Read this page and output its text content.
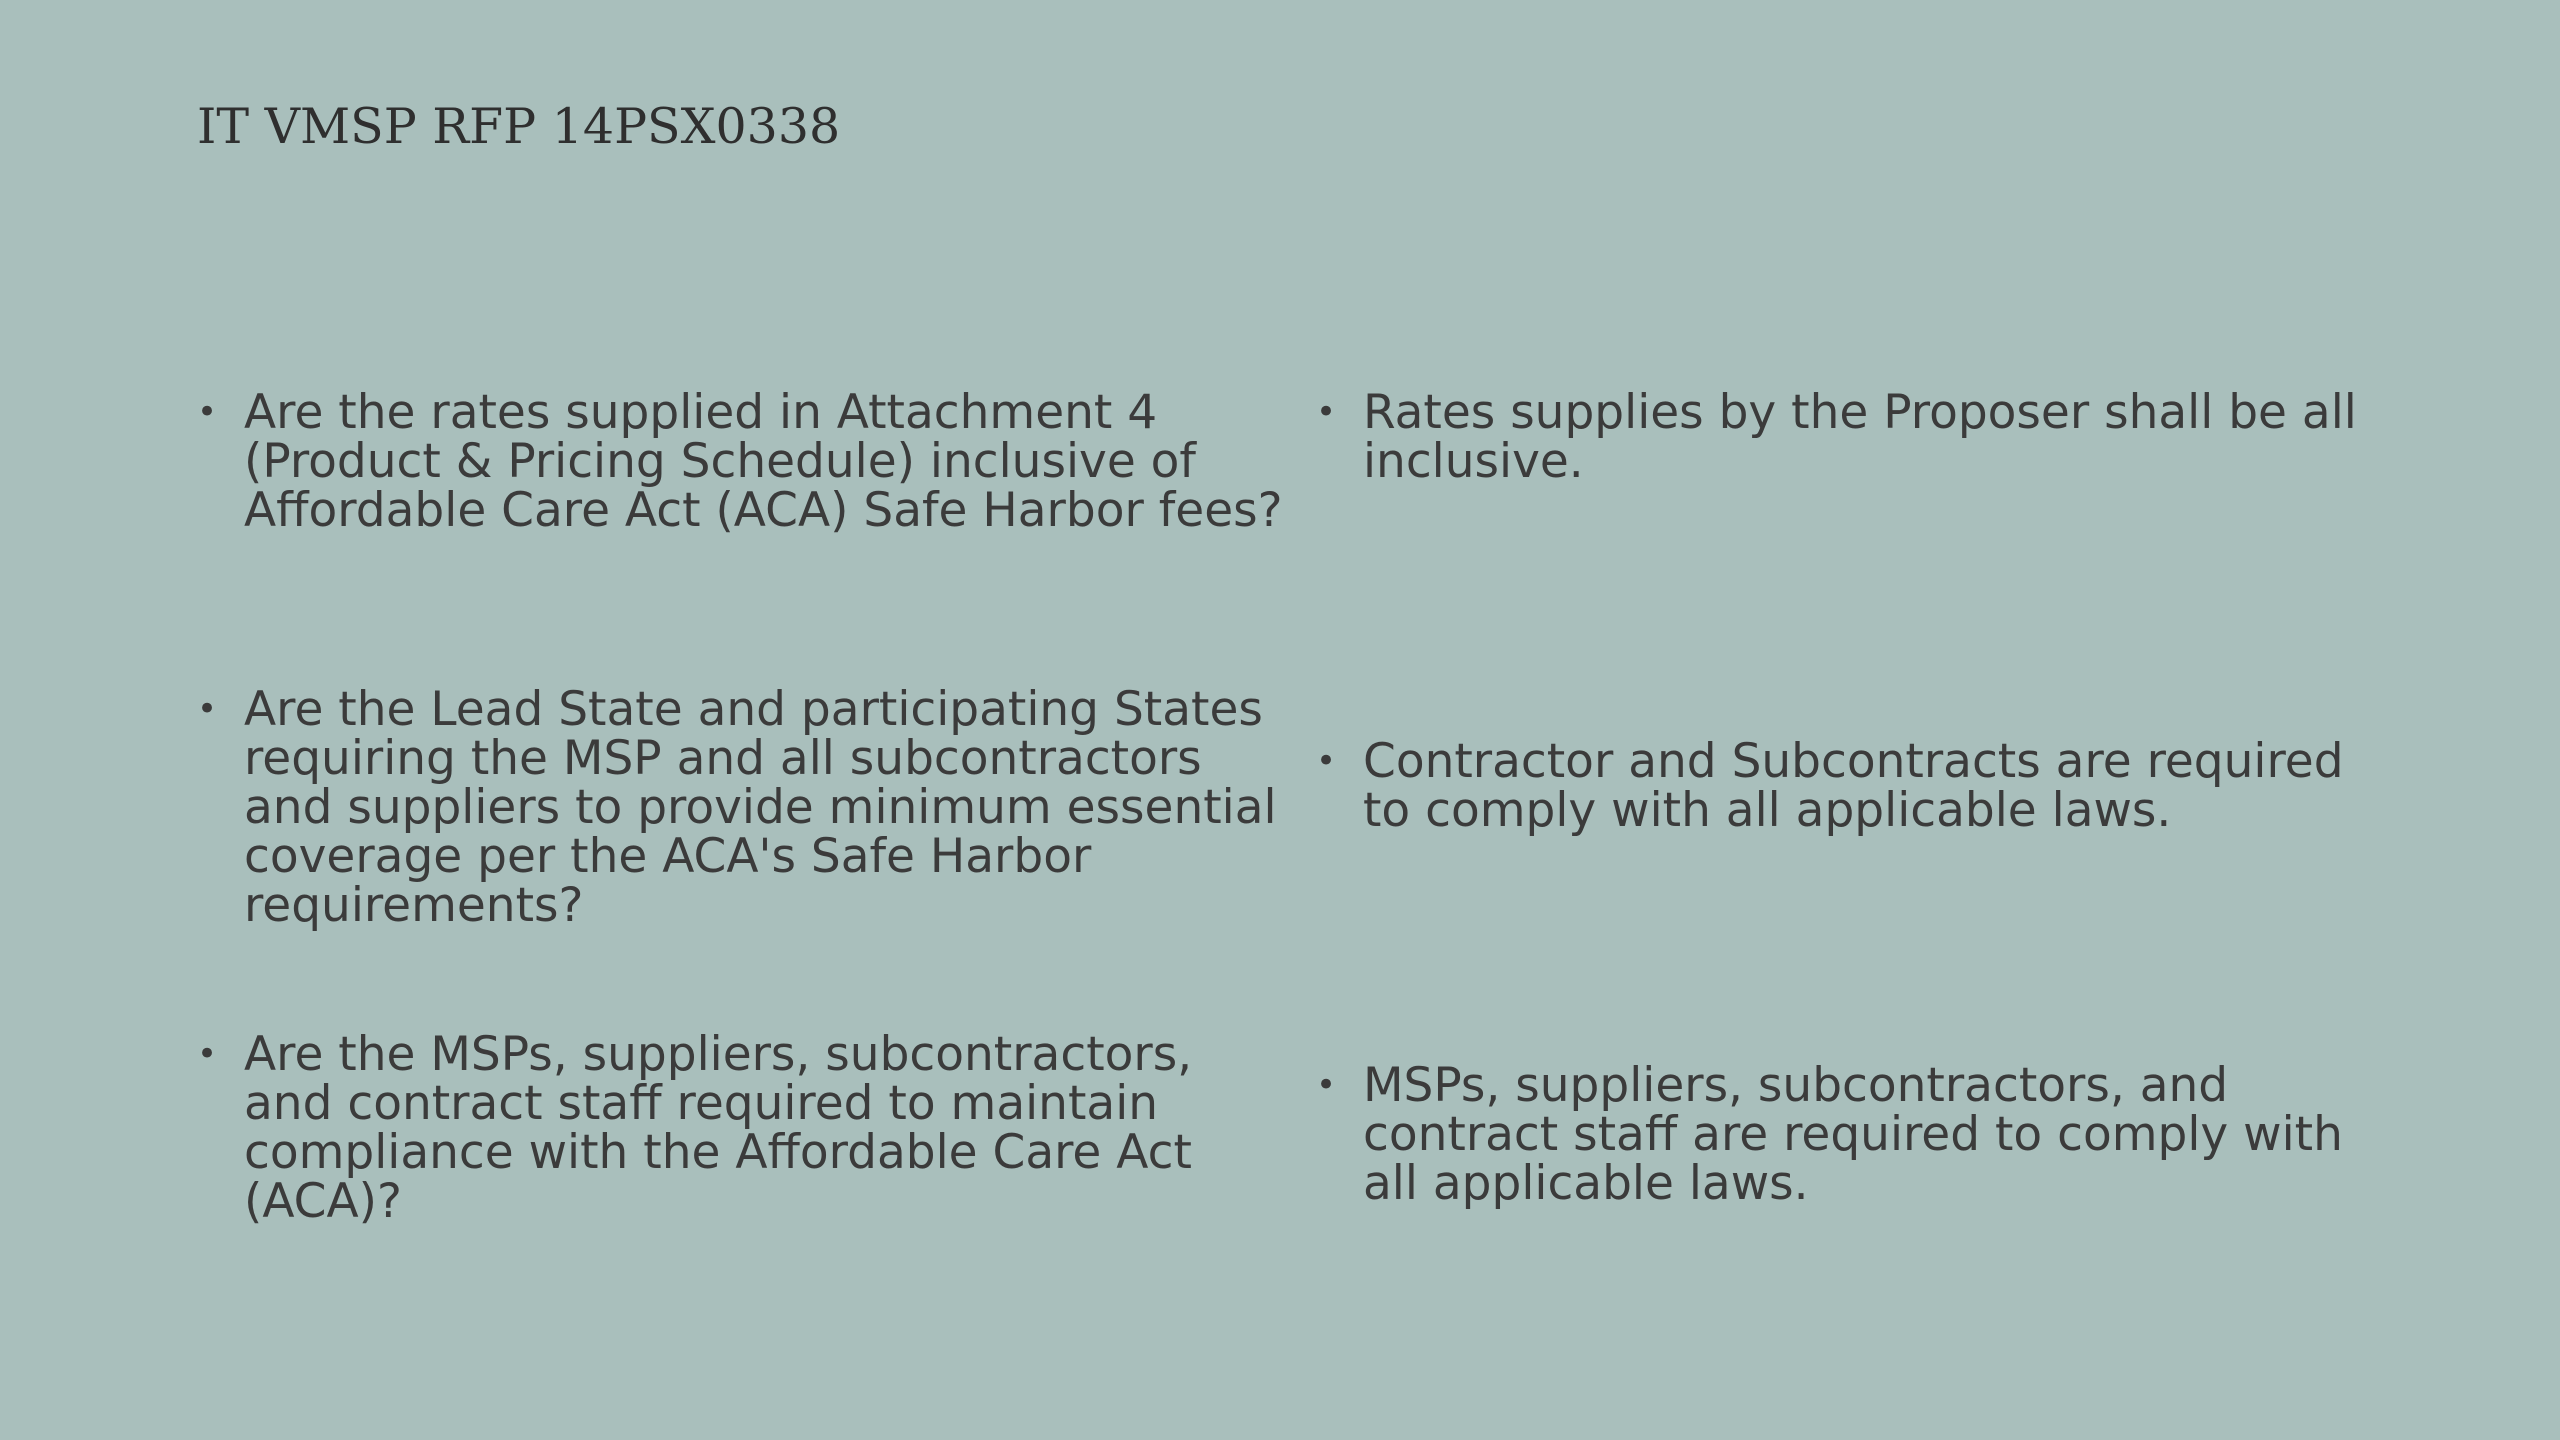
IT VMSP RFP 14PSX0338
• Are the rates supplied in Attachment 4 (Product & Pricing Schedule) inclusive of Affordable Care Act (ACA) Safe Harbor fees?

• Are the Lead State and participating States requiring the MSP and all subcontractors and suppliers to provide minimum essential coverage per the ACA's Safe Harbor requirements?

• Are the MSPs, suppliers, subcontractors, and contract staff required to maintain compliance with the Affordable Care Act (ACA)?

• Rates supplies by the Proposer shall be all inclusive.

• Contractor and Subcontracts are required to comply with all applicable laws.

• MSPs, suppliers, subcontractors, and contract staff are required to comply with all applicable laws.
